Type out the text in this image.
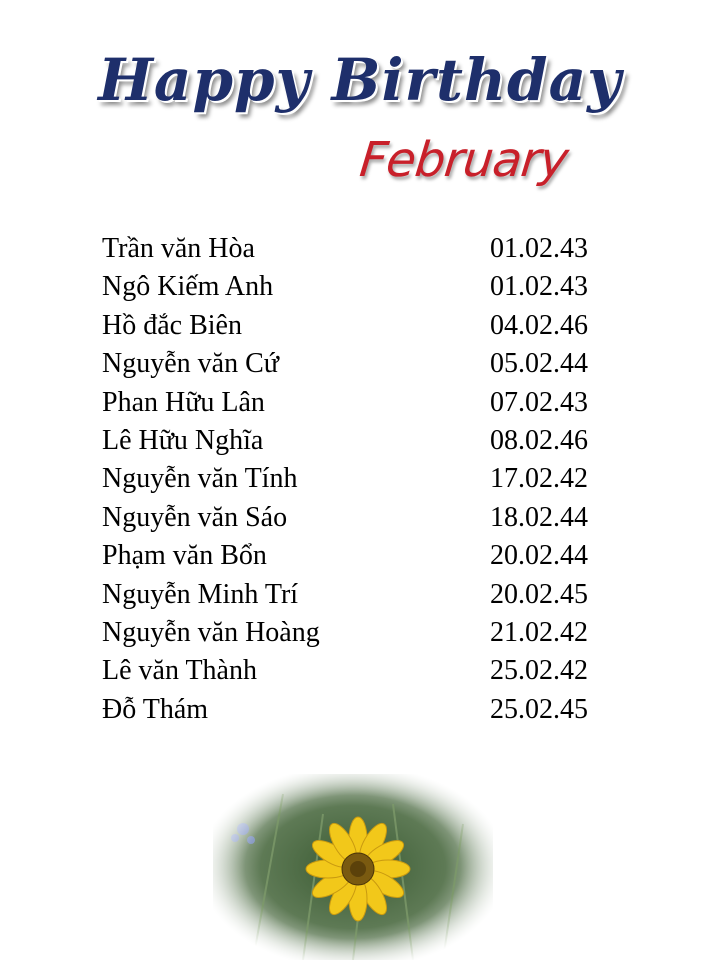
Happy Birthday
February
Trần văn Hòa	01.02.43
Ngô Kiếm Anh	01.02.43
Hồ đắc Biên	04.02.46
Nguyễn văn Cứ	05.02.44
Phan Hữu Lân	07.02.43
Lê Hữu Nghĩa	08.02.46
Nguyễn văn Tính	17.02.42
Nguyễn văn Sáo	18.02.44
Phạm văn Bổn	20.02.44
Nguyễn Minh Trí	20.02.45
Nguyễn văn Hoàng	21.02.42
Lê văn Thành	25.02.42
Đỗ Thám	25.02.45
